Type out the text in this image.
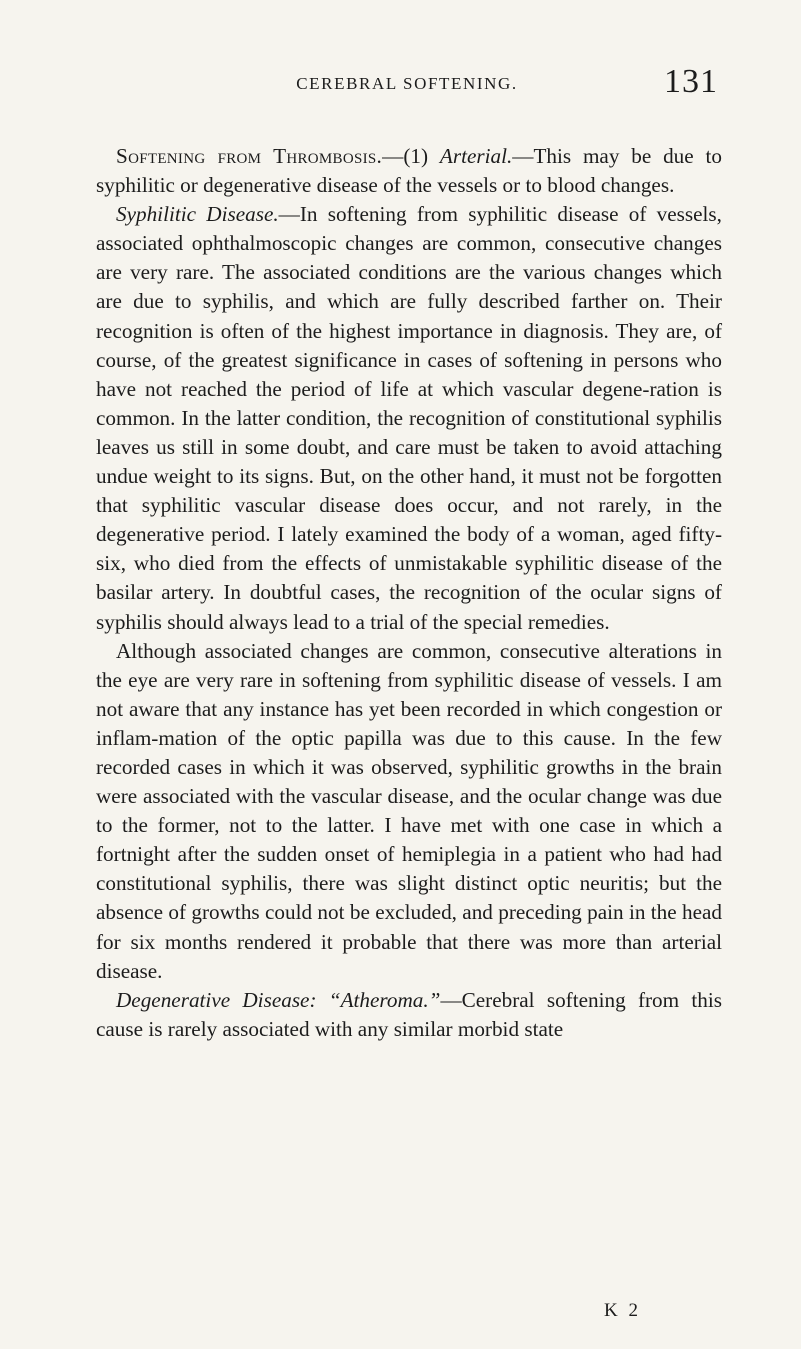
CEREBRAL SOFTENING.	131

Softening from Thrombosis.—(1) Arterial.—This may be due to syphilitic or degenerative disease of the vessels or to blood changes.

Syphilitic Disease.—In softening from syphilitic disease of vessels, associated ophthalmoscopic changes are common, consecutive changes are very rare. The associated conditions are the various changes which are due to syphilis, and which are fully described farther on. Their recognition is often of the highest importance in diagnosis. They are, of course, of the greatest significance in cases of softening in persons who have not reached the period of life at which vascular degene-ration is common. In the latter condition, the recognition of constitutional syphilis leaves us still in some doubt, and care must be taken to avoid attaching undue weight to its signs. But, on the other hand, it must not be forgotten that syphilitic vascular disease does occur, and not rarely, in the degenerative period. I lately examined the body of a woman, aged fifty-six, who died from the effects of unmistakable syphilitic disease of the basilar artery. In doubtful cases, the recognition of the ocular signs of syphilis should always lead to a trial of the special remedies.

Although associated changes are common, consecutive alterations in the eye are very rare in softening from syphilitic disease of vessels. I am not aware that any instance has yet been recorded in which congestion or inflam-mation of the optic papilla was due to this cause. In the few recorded cases in which it was observed, syphilitic growths in the brain were associated with the vascular disease, and the ocular change was due to the former, not to the latter. I have met with one case in which a fortnight after the sudden onset of hemiplegia in a patient who had had constitutional syphilis, there was slight distinct optic neuritis; but the absence of growths could not be excluded, and preceding pain in the head for six months rendered it probable that there was more than arterial disease.

Degenerative Disease: “Atheroma.”—Cerebral softening from this cause is rarely associated with any similar morbid state

K 2
